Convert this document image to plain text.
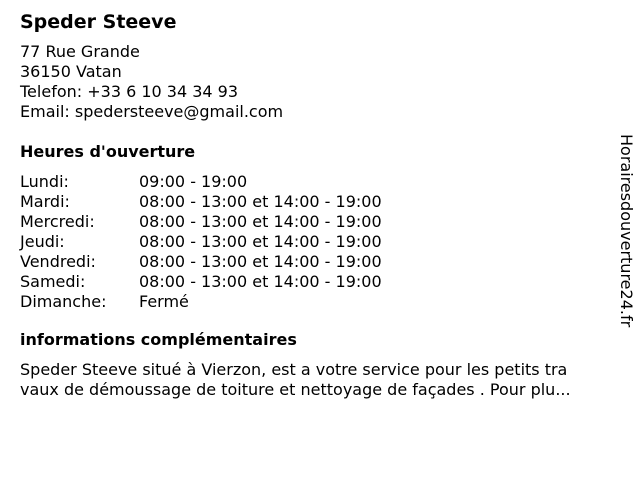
Speder Steeve
77 Rue Grande
36150 Vatan
Telefon: +33 6 10 34 34 93
Email: spedersteeve@gmail.com
Heures d'ouverture
Lundi:	09:00 - 19:00
Mardi:	08:00 - 13:00 et 14:00 - 19:00
Mercredi:	08:00 - 13:00 et 14:00 - 19:00
Jeudi:	08:00 - 13:00 et 14:00 - 19:00
Vendredi:	08:00 - 13:00 et 14:00 - 19:00
Samedi:	08:00 - 13:00 et 14:00 - 19:00
Dimanche:	Fermé
informations complémentaires
Speder Steeve situé à Vierzon, est a votre service pour les petits tra
vaux de démoussage de toiture et nettoyage de façades . Pour plu...
Horairesdouverture24.fr
